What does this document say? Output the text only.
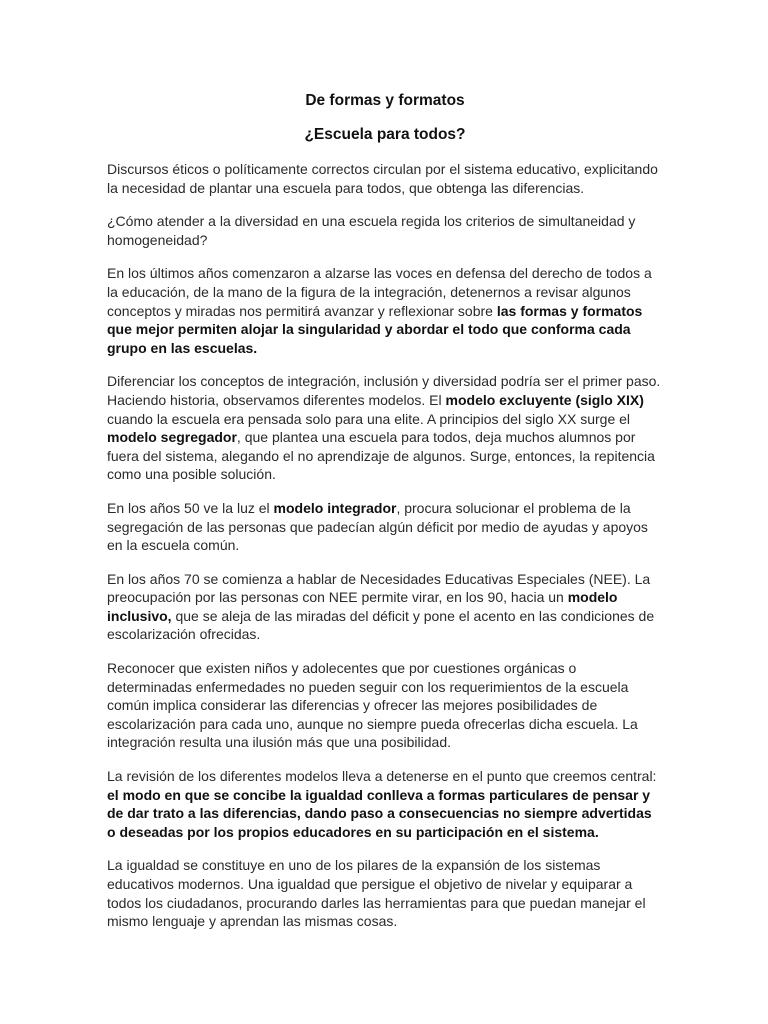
De formas y formatos
¿Escuela para todos?

Discursos éticos o políticamente correctos circulan por el sistema educativo, explicitando la necesidad de plantar una escuela para todos, que obtenga las diferencias.

¿Cómo atender a la diversidad en una escuela regida los criterios de simultaneidad y homogeneidad?

En los últimos años comenzaron a alzarse las voces en defensa del derecho de todos a la educación, de la mano de la figura de la integración, detenernos a revisar algunos conceptos y miradas nos permitirá avanzar y reflexionar sobre las formas y formatos que mejor permiten alojar la singularidad y abordar el todo que conforma cada grupo en las escuelas.

Diferenciar los conceptos de integración, inclusión y diversidad podría ser el primer paso. Haciendo historia, observamos diferentes modelos. El modelo excluyente (siglo XIX) cuando la escuela era pensada solo para una elite. A principios del siglo XX surge el modelo segregador, que plantea una escuela para todos, deja muchos alumnos por fuera del sistema, alegando el no aprendizaje de algunos. Surge, entonces, la repitencia como una posible solución.

En los años 50 ve la luz el modelo integrador, procura solucionar el problema de la segregación de las personas que padecían algún déficit por medio de ayudas y apoyos en la escuela común.

En los años 70 se comienza a hablar de Necesidades Educativas Especiales (NEE). La preocupación por las personas con NEE permite virar, en los 90, hacia un modelo inclusivo, que se aleja de las miradas del déficit y pone el acento en las condiciones de escolarización ofrecidas.

Reconocer que existen niños y adolecentes que por cuestiones orgánicas o determinadas enfermedades no pueden seguir con los requerimientos de la escuela común implica considerar las diferencias y ofrecer las mejores posibilidades de escolarización para cada uno, aunque no siempre pueda ofrecerlas dicha escuela. La integración resulta una ilusión más que una posibilidad.

La revisión de los diferentes modelos lleva a detenerse en el punto que creemos central: el modo en que se concibe la igualdad conlleva a formas particulares de pensar y de dar trato a las diferencias, dando paso a consecuencias no siempre advertidas o deseadas por los propios educadores en su participación en el sistema.

La igualdad se constituye en uno de los pilares de la expansión de los sistemas educativos modernos. Una igualdad que persigue el objetivo de nivelar y equiparar a todos los ciudadanos, procurando darles las herramientas para que puedan manejar el mismo lenguaje y aprendan las mismas cosas.
